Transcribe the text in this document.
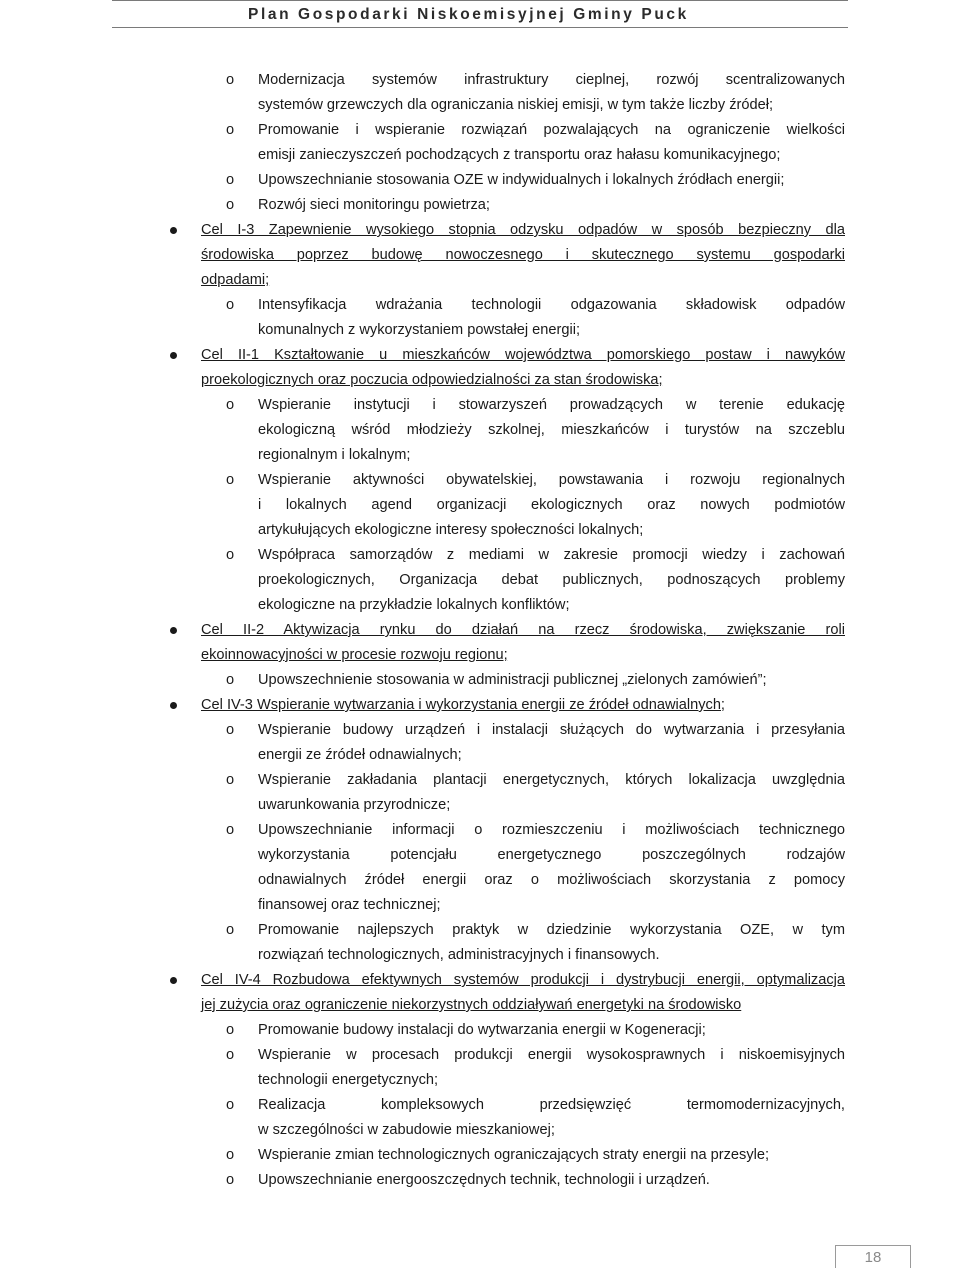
Plan Gospodarki Niskoemisyjnej Gminy Puck
o	Modernizacja systemów infrastruktury cieplnej, rozwój scentralizowanych
systemów grzewczych dla ograniczania niskiej emisji, w tym także liczby źródeł;
o	Promowanie i wspieranie rozwiązań pozwalających na ograniczenie wielkości
emisji zanieczyszczeń pochodzących z transportu oraz hałasu komunikacyjnego;
o	Upowszechnianie stosowania OZE w indywidualnych i lokalnych źródłach energii;
o	Rozwój sieci monitoringu powietrza;
Cel I-3 Zapewnienie wysokiego stopnia odzysku odpadów w sposób bezpieczny dla
środowiska poprzez budowę nowoczesnego i skutecznego systemu gospodarki
odpadami;
o	Intensyfikacja wdrażania technologii odgazowania składowisk odpadów
komunalnych z wykorzystaniem powstałej energii;
Cel II-1 Kształtowanie u mieszkańców województwa pomorskiego postaw i nawyków
proekologicznych oraz poczucia odpowiedzialności za stan środowiska;
o	Wspieranie instytucji i stowarzyszeń prowadzących w terenie edukację
ekologiczną wśród młodzieży szkolnej, mieszkańców i turystów na szczeblu
regionalnym i lokalnym;
o	Wspieranie aktywności obywatelskiej, powstawania i rozwoju regionalnych
i lokalnych agend organizacji ekologicznych oraz nowych podmiotów
artykułujących ekologiczne interesy społeczności lokalnych;
o	Współpraca samorządów z mediami w zakresie promocji wiedzy i zachowań
proekologicznych, Organizacja debat publicznych, podnoszących problemy
ekologiczne na przykładzie lokalnych konfliktów;
Cel II-2 Aktywizacja rynku do działań na rzecz środowiska, zwiększanie roli
ekoinnowacyjności w procesie rozwoju regionu;
o	Upowszechnienie stosowania w administracji publicznej „zielonych zamówień”;
Cel IV-3 Wspieranie wytwarzania i wykorzystania energii ze źródeł odnawialnych;
o	Wspieranie budowy urządzeń i instalacji służących do wytwarzania i przesyłania
energii ze źródeł odnawialnych;
o	Wspieranie zakładania plantacji energetycznych, których lokalizacja uwzględnia
uwarunkowania przyrodnicze;
o	Upowszechnianie informacji o rozmieszczeniu i możliwościach technicznego
wykorzystania potencjału energetycznego poszczególnych rodzajów
odnawialnych źródeł energii oraz o możliwościach skorzystania z pomocy
finansowej oraz technicznej;
o	Promowanie najlepszych praktyk w dziedzinie wykorzystania OZE, w tym
rozwiązań technologicznych, administracyjnych i finansowych.
Cel IV-4 Rozbudowa efektywnych systemów produkcji i dystrybucji energii, optymalizacja
jej zużycia oraz ograniczenie niekorzystnych oddziaływań energetyki na środowisko
o	Promowanie budowy instalacji do wytwarzania energii w Kogeneracji;
o	Wspieranie w procesach produkcji energii wysokosprawnych i niskoemisyjnych
technologii energetycznych;
o	Realizacja kompleksowych przedsięwzięć termomodernizacyjnych,
w szczególności w zabudowie mieszkaniowej;
o	Wspieranie zmian technologicznych ograniczających straty energii na przesyle;
o	Upowszechnianie energooszczędnych technik, technologii i urządzeń.
18
